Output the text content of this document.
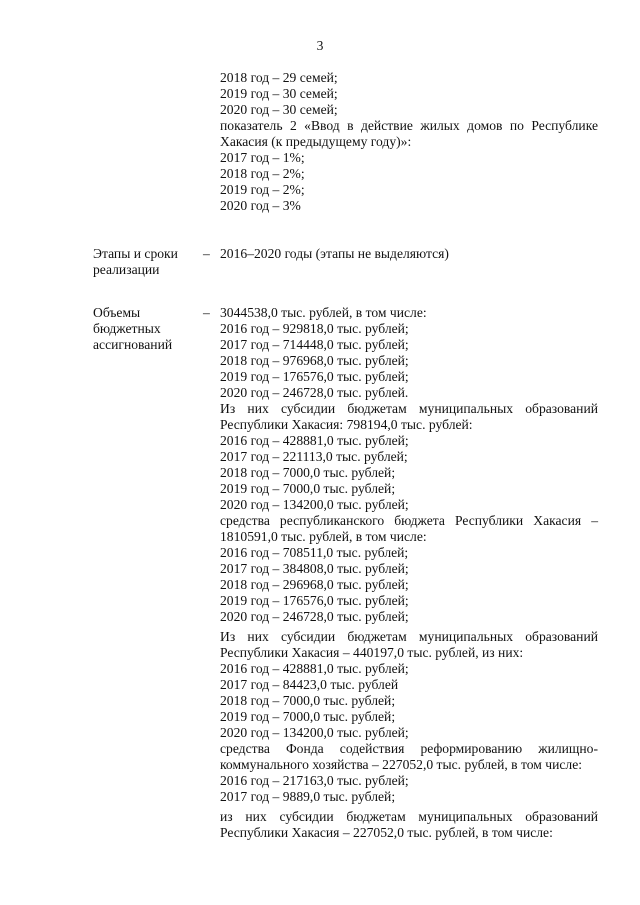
3
2018 год – 29 семей;
2019 год – 30 семей;
2020 год – 30 семей;
показатель 2 «Ввод в действие жилых домов по Республике
Хакасия (к предыдущему году)»:
2017 год – 1%;
2018 год – 2%;
2019 год – 2%;
2020 год – 3%
Этапы и сроки
реализации
– 2016–2020 годы (этапы не выделяются)
Объемы
бюджетных
ассигнований
– 3044538,0 тыс. рублей, в том числе:
2016 год – 929818,0 тыс. рублей;
2017 год – 714448,0 тыс. рублей;
2018 год – 976968,0 тыс. рублей;
2019 год – 176576,0 тыс. рублей;
2020 год – 246728,0 тыс. рублей.
Из них субсидии бюджетам муниципальных образований
Республики Хакасия: 798194,0 тыс. рублей:
2016 год – 428881,0 тыс. рублей;
2017 год – 221113,0 тыс. рублей;
2018 год – 7000,0 тыс. рублей;
2019 год – 7000,0 тыс. рублей;
2020 год – 134200,0 тыс. рублей;
средства республиканского бюджета Республики Хакасия –
1810591,0 тыс. рублей, в том числе:
2016 год – 708511,0 тыс. рублей;
2017 год – 384808,0 тыс. рублей;
2018 год – 296968,0 тыс. рублей;
2019 год – 176576,0 тыс. рублей;
2020 год – 246728,0 тыс. рублей;
Из них субсидии бюджетам муниципальных образований
Республики Хакасия – 440197,0 тыс. рублей, из них:
2016 год – 428881,0 тыс. рублей;
2017 год – 84423,0 тыс. рублей
2018 год – 7000,0 тыс. рублей;
2019 год – 7000,0 тыс. рублей;
2020 год – 134200,0 тыс. рублей;
средства Фонда содействия реформированию жилищно-
коммунального хозяйства – 227052,0 тыс. рублей, в том числе:
2016 год – 217163,0 тыс. рублей;
2017 год – 9889,0 тыс. рублей;
из них субсидии бюджетам муниципальных образований
Республики Хакасия – 227052,0 тыс. рублей, в том числе:
